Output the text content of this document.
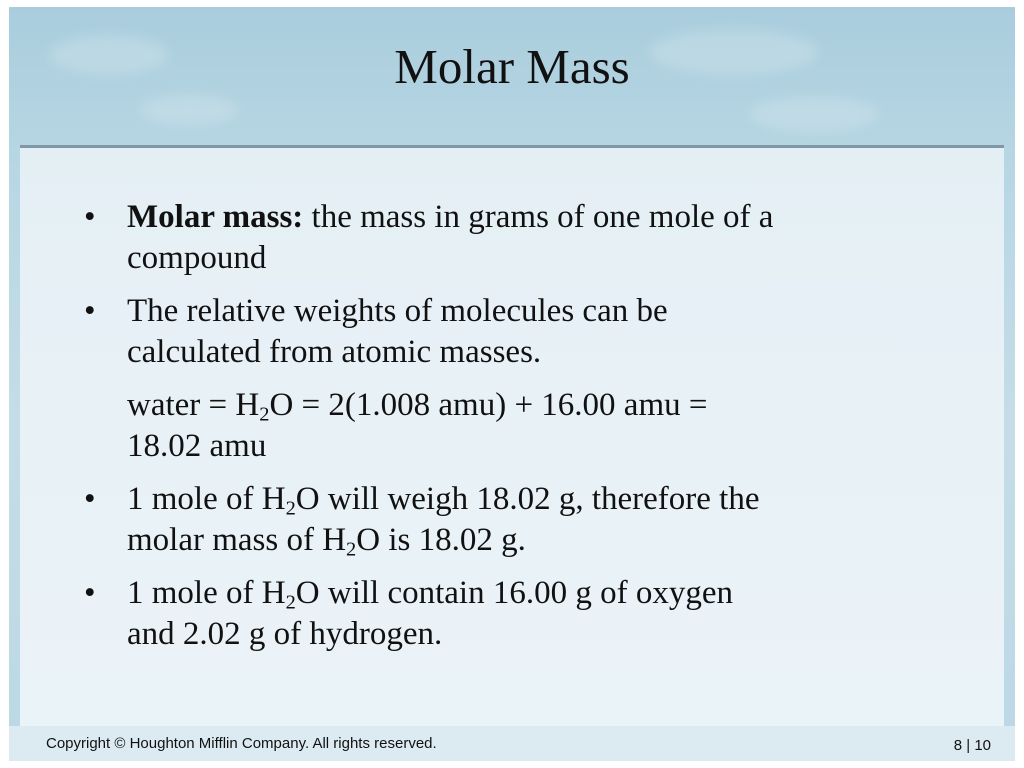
Molar Mass
• Molar mass: the mass in grams of one mole of a
compound
• The relative weights of molecules can be
calculated from atomic masses.
water = $H_2O = 2(1.008$ amu) + 16.00 amu =
18.02 amu
• 1 mole of $H_2O$ will weigh 18.02 g, therefore the
molar mass of $H_2O$ is 18.02 g.
• 1 mole of $H_2O$ will contain 16.00 g of oxygen
and 2.02 g of hydrogen.
Copyright © Houghton Mifflin Company. All rights reserved.	8 | 10
